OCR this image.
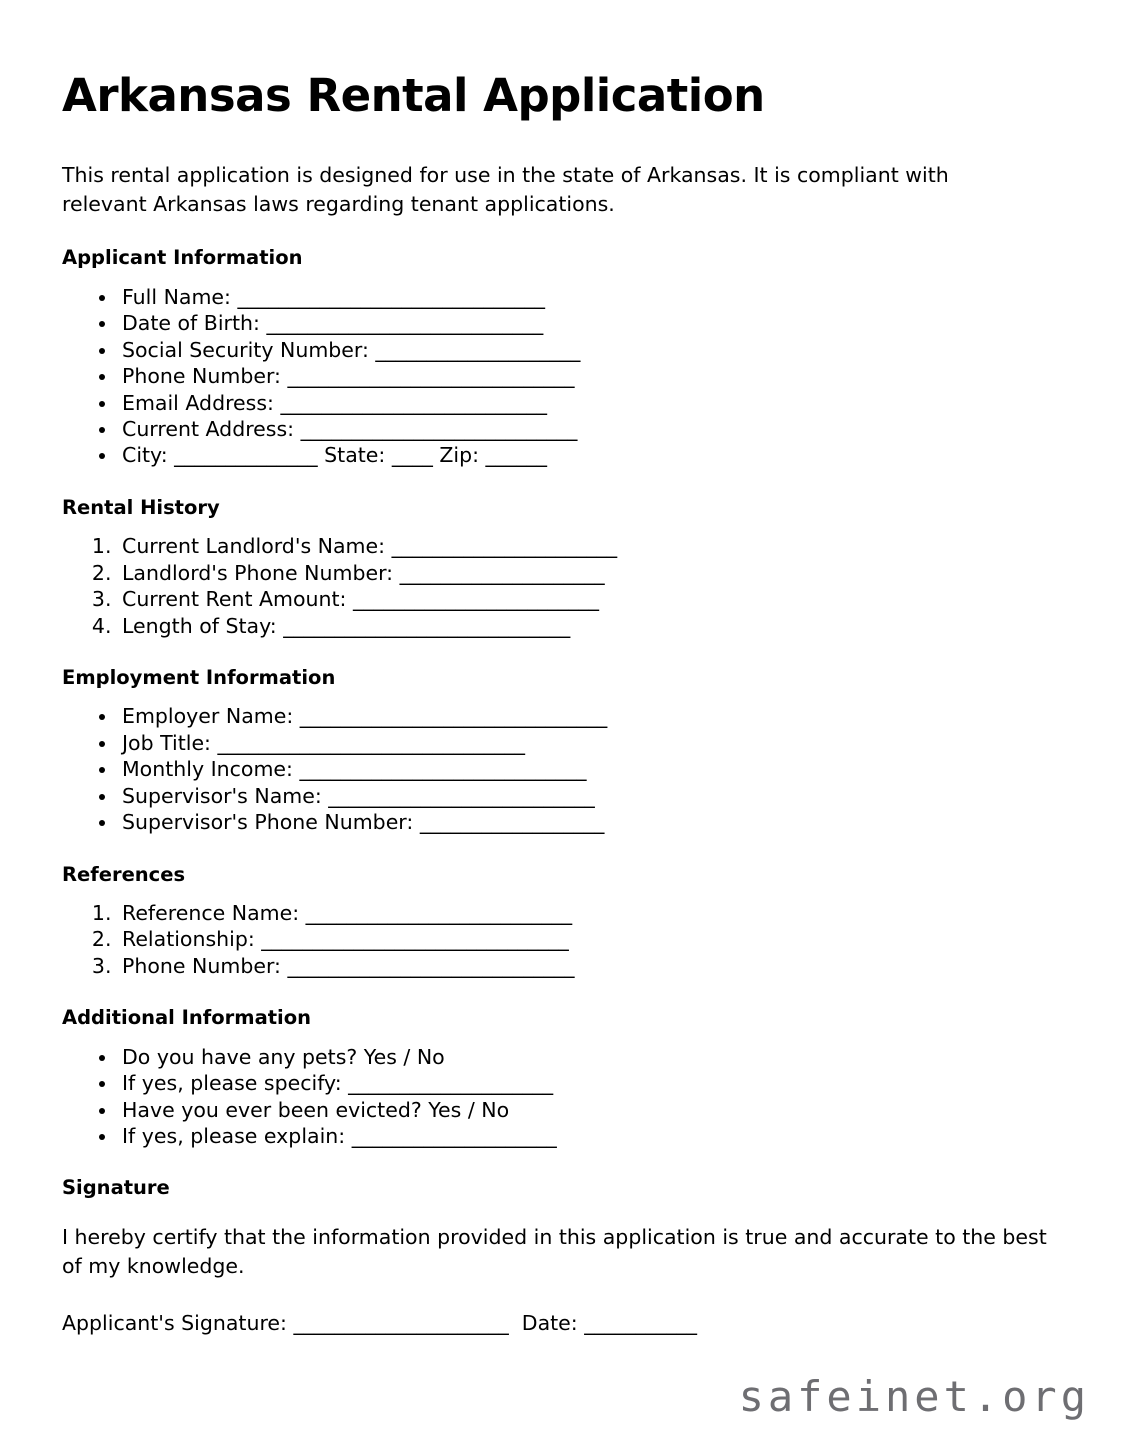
Arkansas Rental Application

This rental application is designed for use in the state of Arkansas. It is compliant with relevant Arkansas laws regarding tenant applications.

Applicant Information
• Full Name: ______________________________
• Date of Birth: ___________________________
• Social Security Number: ____________________
• Phone Number: ____________________________
• Email Address: __________________________
• Current Address: ___________________________
• City: ______________ State: ____ Zip: ______
Rental History
1. Current Landlord's Name: ______________________
2. Landlord's Phone Number: ____________________
3. Current Rent Amount: ________________________
4. Length of Stay: ____________________________
Employment Information
• Employer Name: ______________________________
• Job Title: ______________________________
• Monthly Income: ____________________________
• Supervisor's Name: __________________________
• Supervisor's Phone Number: __________________
References
1. Reference Name: __________________________
2. Relationship: ______________________________
3. Phone Number: ____________________________
Additional Information
• Do you have any pets? Yes / No
• If yes, please specify: ____________________
• Have you ever been evicted? Yes / No
• If yes, please explain: ____________________
Signature

I hereby certify that the information provided in this application is true and accurate to the best of my knowledge.

Applicant's Signature: _____________________ Date: ___________

safeinet.org
